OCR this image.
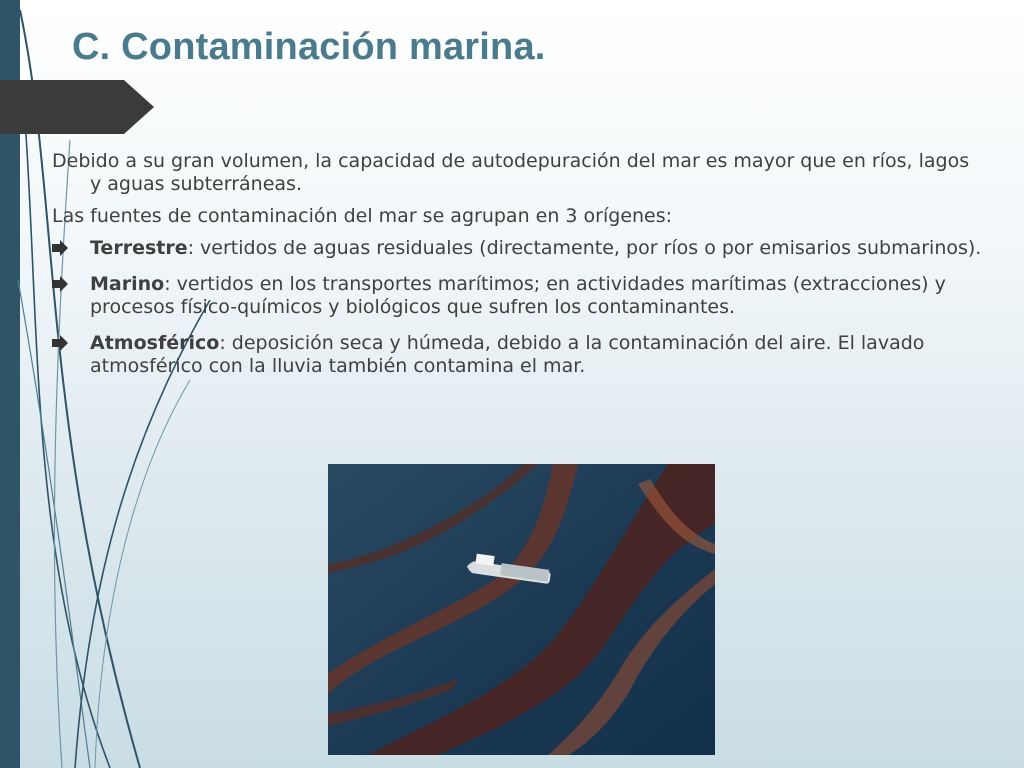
C. Contaminación marina.

Debido a su gran volumen, la capacidad de autodepuración del mar es mayor que en ríos, lagos y aguas subterráneas.

Las fuentes de contaminación del mar se agrupan en 3 orígenes:

Terrestre: vertidos de aguas residuales (directamente, por ríos o por emisarios submarinos).
Marino: vertidos en los transportes marítimos; en actividades marítimas (extracciones) y procesos físico-químicos y biológicos que sufren los contaminantes.
Atmosférico: deposición seca y húmeda, debido a la contaminación del aire. El lavado atmosférico con la lluvia también contamina el mar.
